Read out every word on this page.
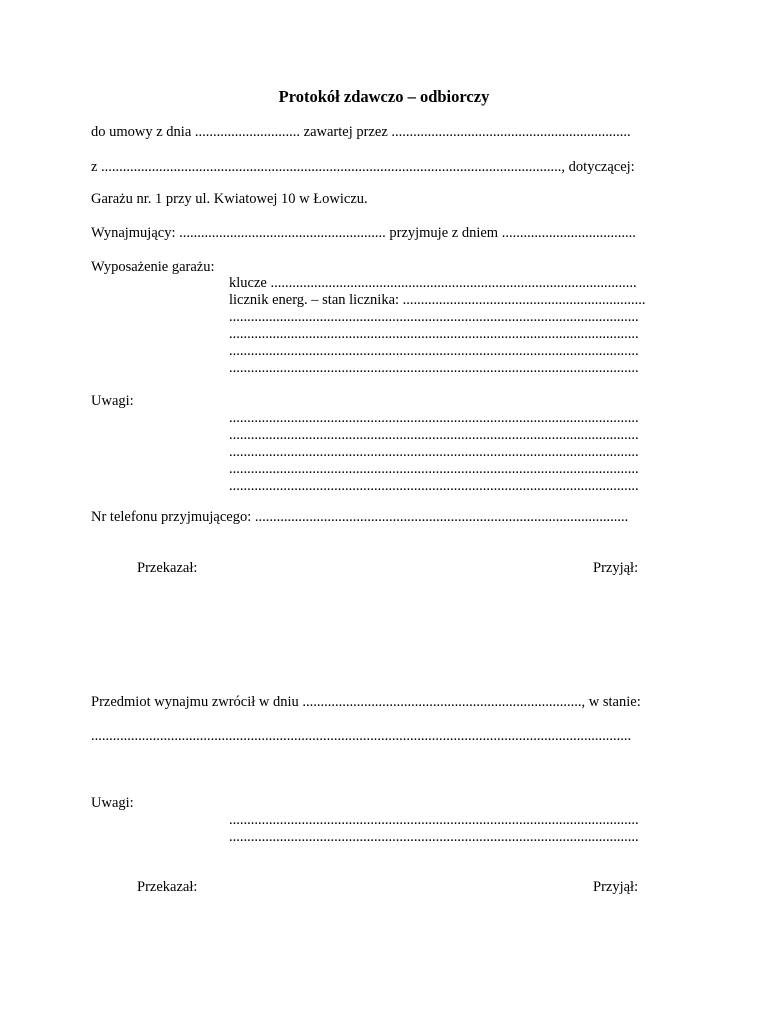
Protokół zdawczo – odbiorczy
do umowy z dnia ............................. zawartej przez ..................................................................
z ..............................................................................................................................., dotyczącej:
Garażu nr. 1 przy ul. Kwiatowej 10 w Łowiczu.
Wynajmujący: ......................................................... przyjmuje z dniem .....................................
Wyposażenie garażu:
klucze .....................................................................................................
licznik energ. – stan licznika: ...................................................................
.................................................................................................................
.................................................................................................................
.................................................................................................................
.................................................................................................................
Uwagi:
.................................................................................................................
.................................................................................................................
.................................................................................................................
.................................................................................................................
.................................................................................................................
Nr telefonu przyjmującego: .......................................................................................................
Przekazał:	Przyjął:
Przedmiot wynajmu zwrócił w dniu ............................................................................., w stanie:
.....................................................................................................................................................
Uwagi:
.................................................................................................................
.................................................................................................................
Przekazał:	Przyjął:
